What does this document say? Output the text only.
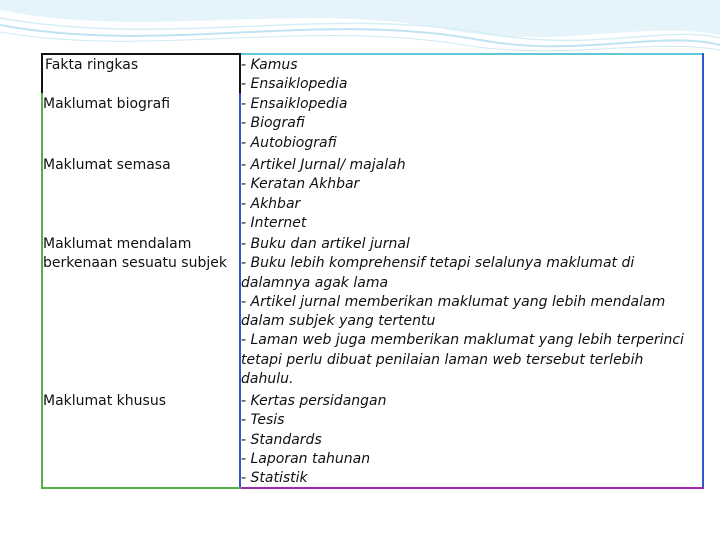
Fakta ringkas	- Kamus
- Ensaiklopedia
Maklumat biografi	- Ensaiklopedia
- Biografi
- Autobiografi
Maklumat semasa	- Artikel Jurnal/ majalah
- Keratan Akhbar
- Akhbar
- Internet
Maklumat mendalam
berkenaan sesuatu subjek
- Buku dan artikel jurnal
- Buku lebih komprehensif tetapi selalunya maklumat di
dalamnya agak lama
- Artikel jurnal memberikan maklumat yang lebih mendalam
dalam subjek yang tertentu
- Laman web juga memberikan maklumat yang lebih terperinci
tetapi perlu dibuat penilaian laman web tersebut terlebih
dahulu.
Maklumat khusus	- Kertas persidangan
- Tesis
- Standards
- Laporan tahunan
- Statistik
